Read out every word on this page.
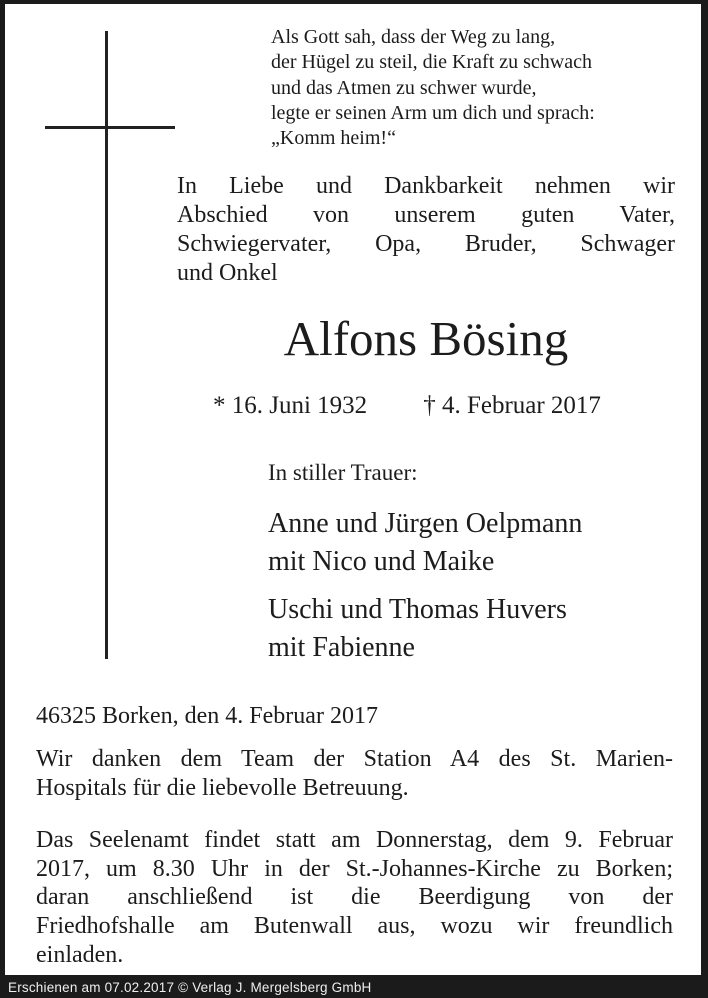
Als Gott sah, dass der Weg zu lang,
der Hügel zu steil, die Kraft zu schwach
und das Atmen zu schwer wurde,
legte er seinen Arm um dich und sprach:
„Komm heim!“
In Liebe und Dankbarkeit nehmen wir
Abschied von unserem guten Vater,
Schwiegervater, Opa, Bruder, Schwager
und Onkel
Alfons Bösing
* 16. Juni 1932 † 4. Februar 2017
In stiller Trauer:
Anne und Jürgen Oelpmann
mit Nico und Maike
Uschi und Thomas Huvers
mit Fabienne
46325 Borken, den 4. Februar 2017
Wir danken dem Team der Station A4 des St. Marien-
Hospitals für die liebevolle Betreuung.
Das Seelenamt findet statt am Donnerstag, dem 9. Februar
2017, um 8.30 Uhr in der St.-Johannes-Kirche zu Borken;
daran anschließend ist die Beerdigung von der
Friedhofshalle am Butenwall aus, wozu wir freundlich
einladen.
Erschienen am 07.02.2017 © Verlag J. Mergelsberg GmbH
